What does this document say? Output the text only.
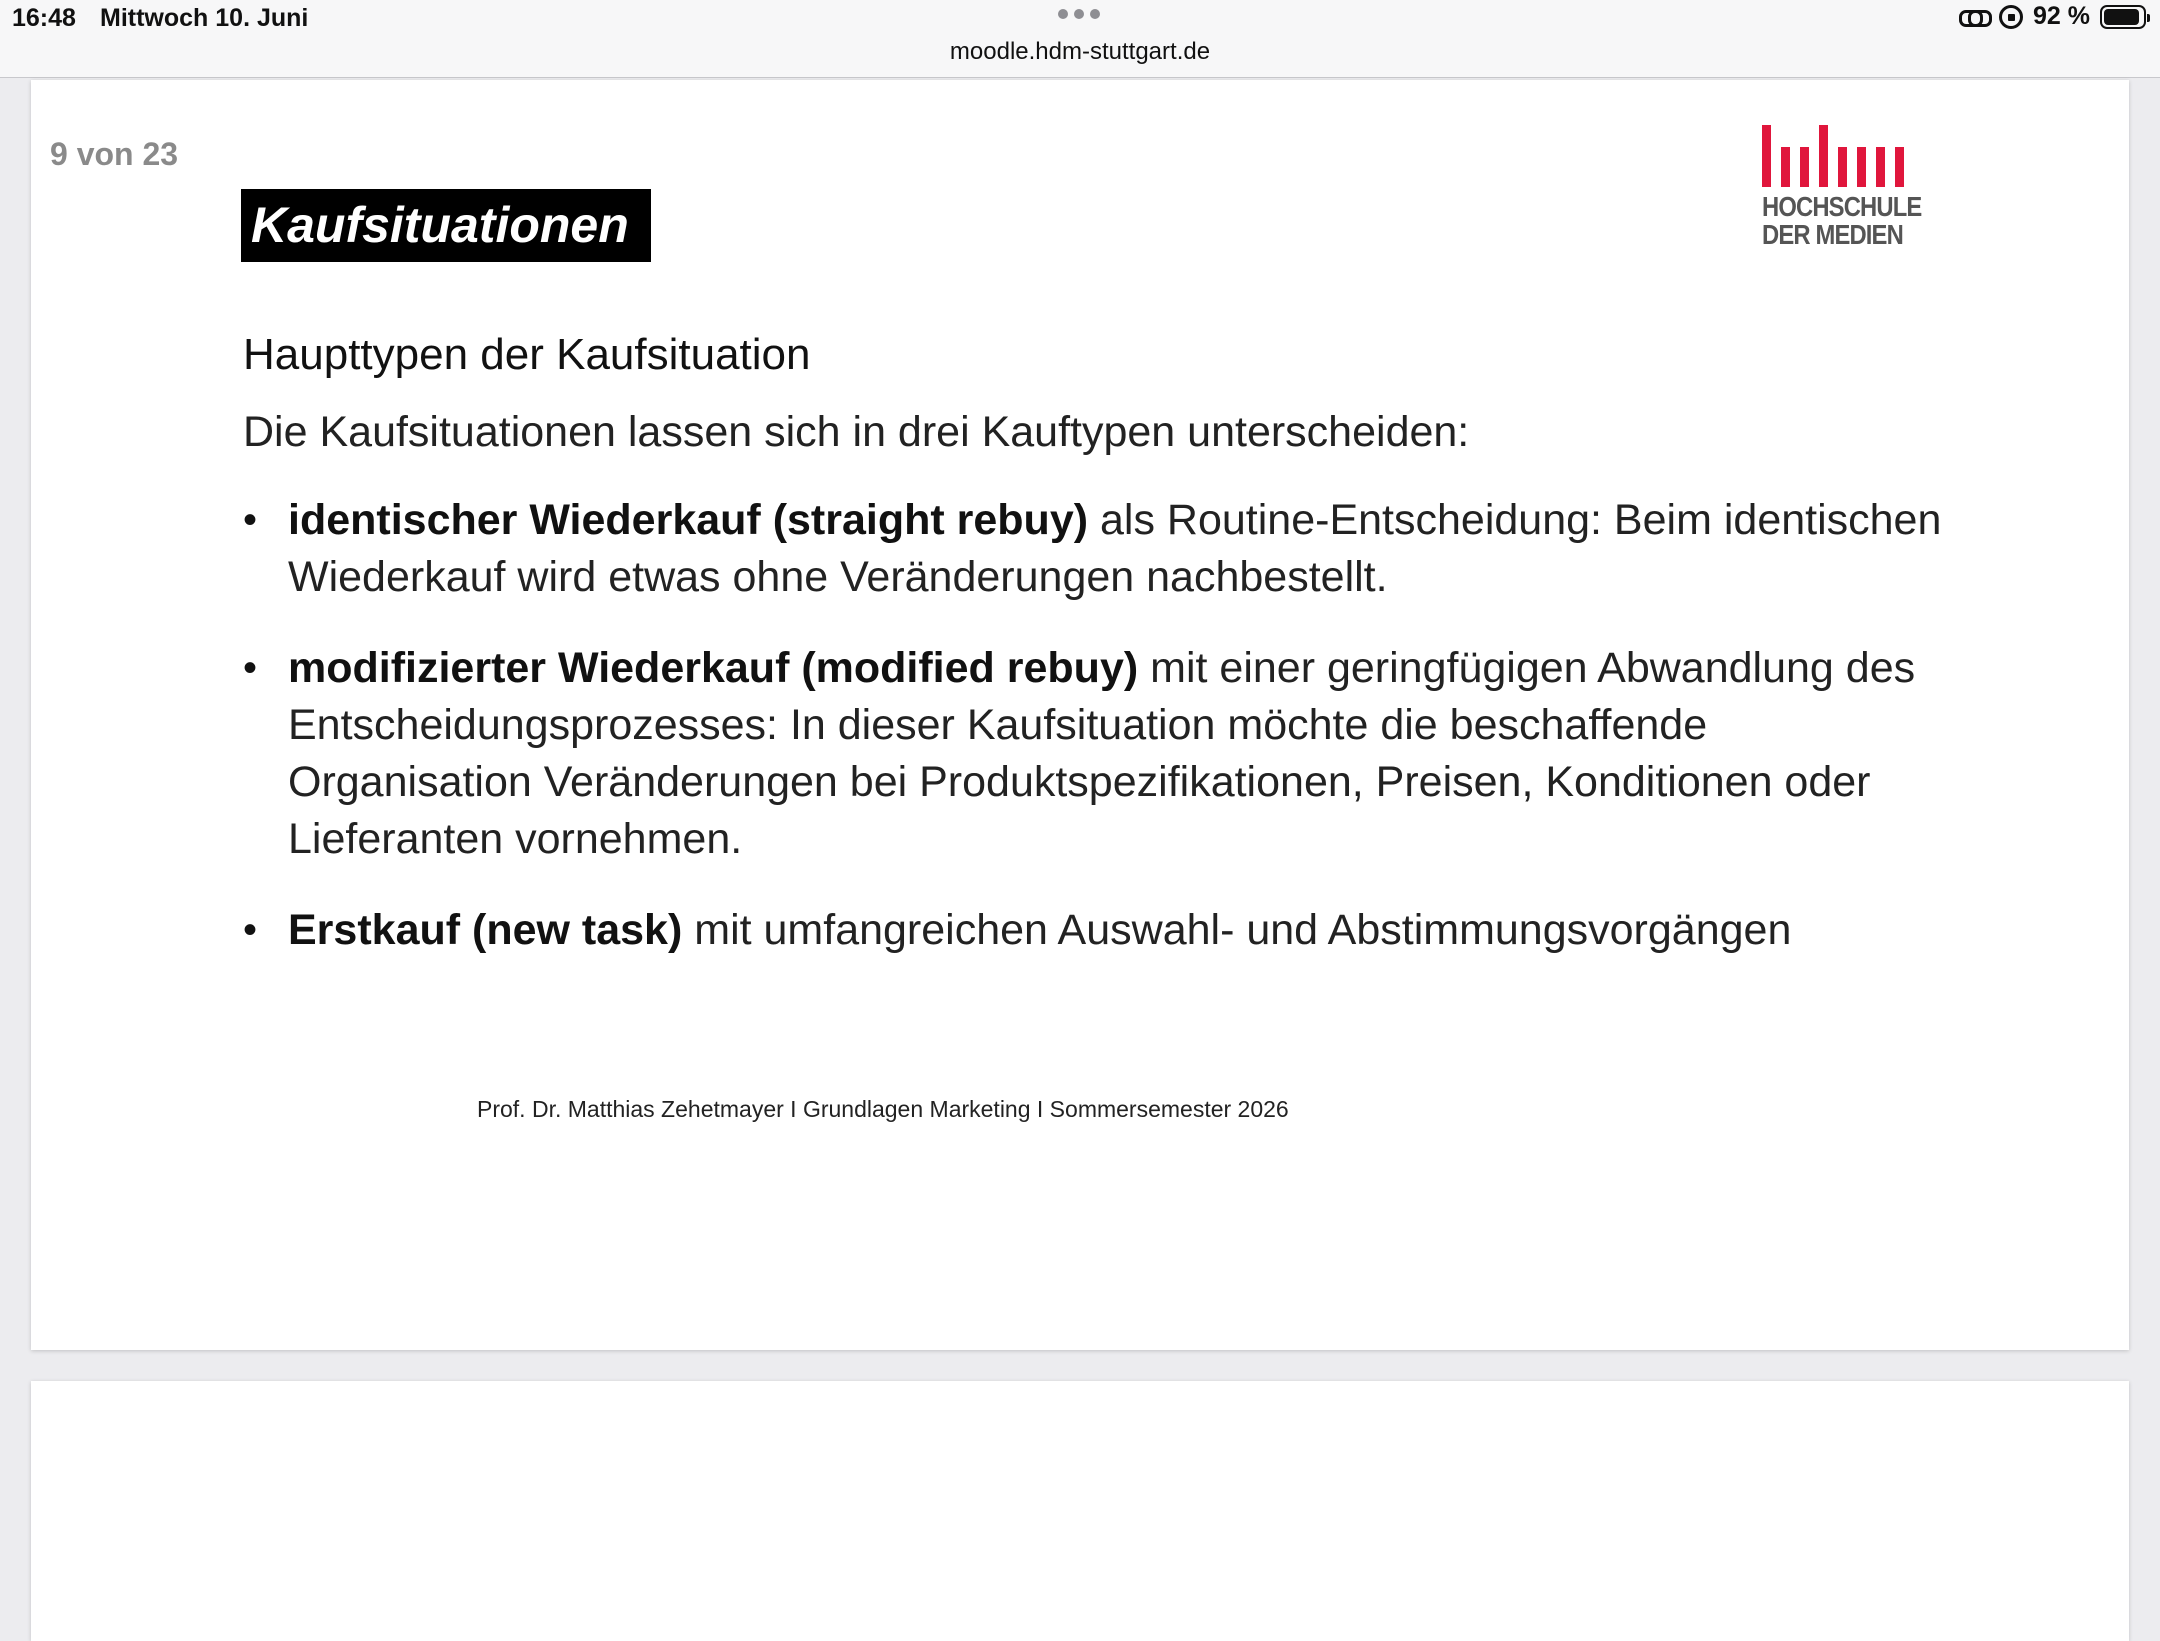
16:48 Mittwoch 10. Juni
moodle.hdm-stuttgart.de
92 %
9 von 23
Kaufsituationen	HOCHSCHULE
DER MEDIEN
Haupttypen der Kaufsituation
Die Kaufsituationen lassen sich in drei Kauftypen unterscheiden:
• identischer Wiederkauf (straight rebuy) als Routine-Entscheidung: Beim identischen Wiederkauf wird etwas ohne Veränderungen nachbestellt.
• modifizierter Wiederkauf (modified rebuy) mit einer geringfügigen Abwandlung des Entscheidungsprozesses: In dieser Kaufsituation möchte die beschaffende Organisation Veränderungen bei Produktspezifikationen, Preisen, Konditionen oder Lieferanten vornehmen.
• Erstkauf (new task) mit umfangreichen Auswahl- und Abstimmungsvorgängen
Prof. Dr. Matthias Zehetmayer I Grundlagen Marketing I Sommersemester 2026
